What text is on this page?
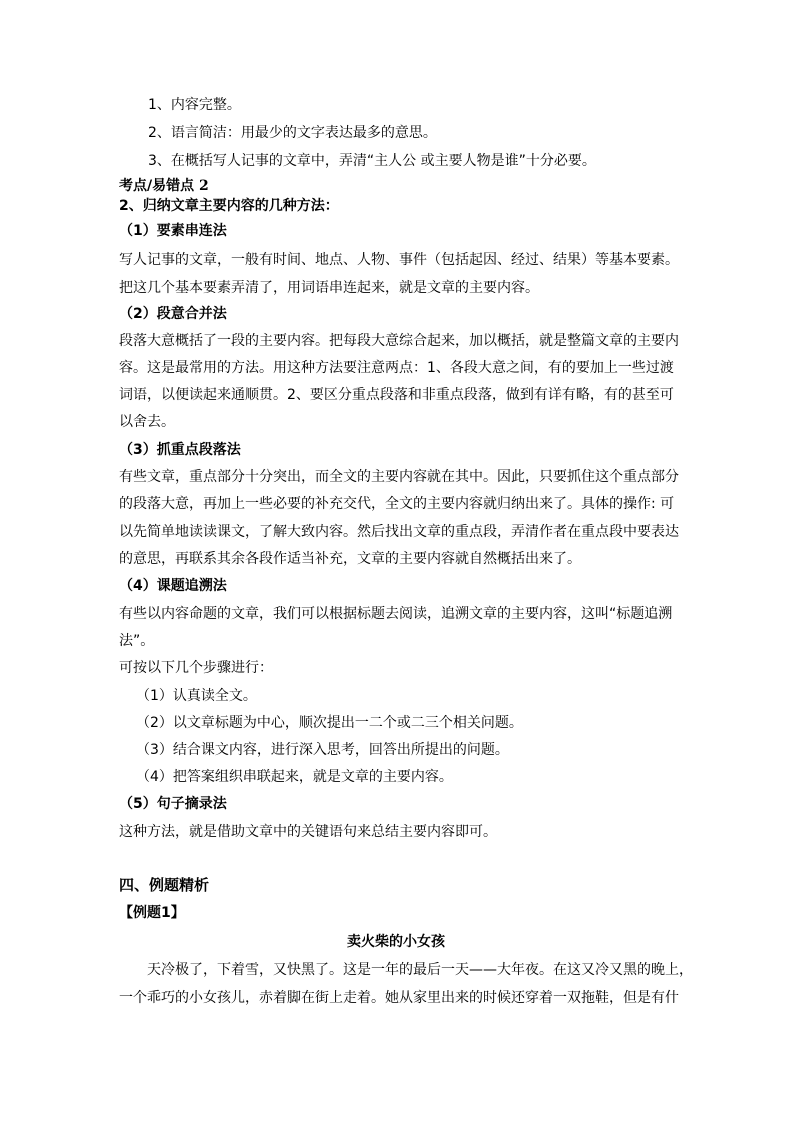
1、内容完整。
2、语言简洁：用最少的文字表达最多的意思。
3、在概括写人记事的文章中，弄清“主人公 或主要人物是谁”十分必要。
考点/易错点 2
2、归纳文章主要内容的几种方法：
（1）要素串连法
写人记事的文章，一般有时间、地点、人物、事件（包括起因、经过、结果）等基本要素。
把这几个基本要素弄清了，用词语串连起来，就是文章的主要内容。
（2）段意合并法
段落大意概括了一段的主要内容。把每段大意综合起来，加以概括，就是整篇文章的主要内
容。这是最常用的方法。用这种方法要注意两点：1、各段大意之间，有的要加上一些过渡
词语，以便读起来通顺贯。2、要区分重点段落和非重点段落，做到有详有略，有的甚至可
以舍去。
（3）抓重点段落法
有些文章，重点部分十分突出，而全文的主要内容就在其中。因此，只要抓住这个重点部分
的段落大意，再加上一些必要的补充交代，全文的主要内容就归纳出来了。具体的操作: 可
以先简单地读读课文，了解大致内容。然后找出文章的重点段，弄清作者在重点段中要表达
的意思，再联系其余各段作适当补充，文章的主要内容就自然概括出来了。
（4）课题追溯法
有些以内容命题的文章，我们可以根据标题去阅读，追溯文章的主要内容，这叫“标题追溯
法”。
可按以下几个步骤进行：
（1）认真读全文。
（2）以文章标题为中心，顺次提出一二个或二三个相关问题。
（3）结合课文内容，进行深入思考，回答出所提出的问题。
（4）把答案组织串联起来，就是文章的主要内容。
（5）句子摘录法
这种方法，就是借助文章中的关键语句来总结主要内容即可。
四、例题精析
【例题1】
卖火柴的小女孩
天冷极了，下着雪，又快黑了。这是一年的最后一天——大年夜。在这又冷又黑的晚上，
一个乖巧的小女孩儿，赤着脚在街上走着。她从家里出来的时候还穿着一双拖鞋，但是有什
